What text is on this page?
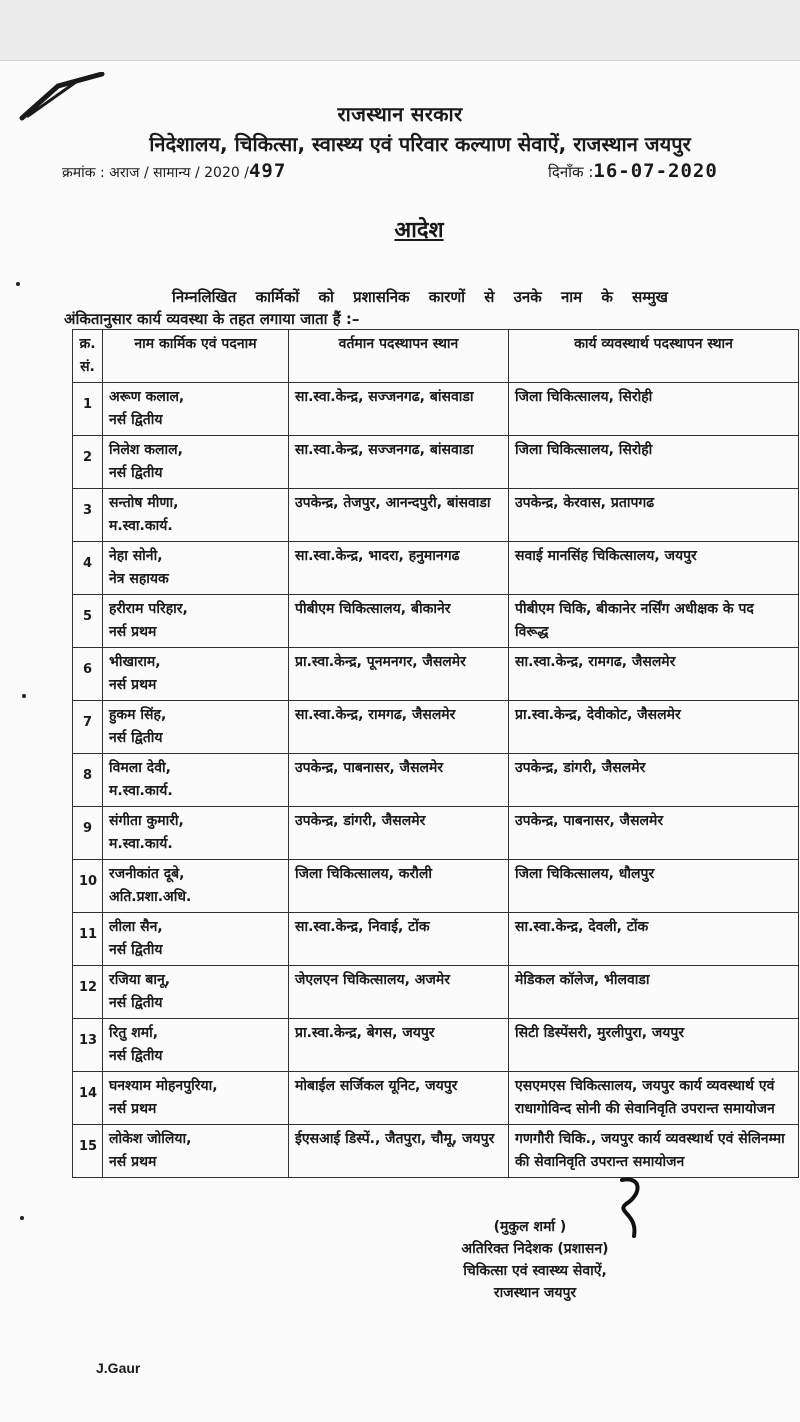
राजस्थान सरकार
निदेशालय, चिकित्सा, स्वास्थ्य एवं परिवार कल्याण सेवाऐं, राजस्थान जयपुर
क्रमांक : अराज / सामान्य / 2020 /497	दिनाँक :16-07-2020
आदेश
निम्नलिखित कार्मिकों को प्रशासनिक कारणों से उनके नाम के सम्मुख
अंकितानुसार कार्य व्यवस्था के तहत लगाया जाता हैं :–
क्र. सं.	नाम कार्मिक एवं पदनाम	वर्तमान पदस्थापन स्थान	कार्य व्यवस्थार्थ पदस्थापन स्थान
1	अरूण कलाल,
नर्स द्वितीय	सा.स्वा.केन्द्र, सज्जनगढ, बांसवाडा	जिला चिकित्सालय, सिरोही
2	निलेश कलाल,
नर्स द्वितीय	सा.स्वा.केन्द्र, सज्जनगढ, बांसवाडा	जिला चिकित्सालय, सिरोही
3	सन्तोष मीणा,
म.स्वा.कार्य.	उपकेन्द्र, तेजपुर, आनन्दपुरी, बांसवाडा	उपकेन्द्र, केरवास, प्रतापगढ
4	नेहा सोनी,
नेत्र सहायक	सा.स्वा.केन्द्र, भादरा, हनुमानगढ	सवाई मानसिंह चिकित्सालय, जयपुर
5	हरीराम परिहार,
नर्स प्रथम	पीबीएम चिकित्सालय, बीकानेर	पीबीएम चिकि, बीकानेर नर्सिंग अधीक्षक के पद विरूद्ध
6	भीखाराम,
नर्स प्रथम	प्रा.स्वा.केन्द्र, पूनमनगर, जैसलमेर	सा.स्वा.केन्द्र, रामगढ, जैसलमेर
7	हुकम सिंह,
नर्स द्वितीय	सा.स्वा.केन्द्र, रामगढ, जैसलमेर	प्रा.स्वा.केन्द्र, देवीकोट, जैसलमेर
8	विमला देवी,
म.स्वा.कार्य.	उपकेन्द्र, पाबनासर, जैसलमेर	उपकेन्द्र, डांगरी, जैसलमेर
9	संगीता कुमारी,
म.स्वा.कार्य.	उपकेन्द्र, डांगरी, जैसलमेर	उपकेन्द्र, पाबनासर, जैसलमेर
10	रजनीकांत दूबे,
अति.प्रशा.अधि.	जिला चिकित्सालय, करौली	जिला चिकित्सालय, धौलपुर
11	लीला सैन,
नर्स द्वितीय	सा.स्वा.केन्द्र, निवाई, टोंक	सा.स्वा.केन्द्र, देवली, टोंक
12	रजिया बानू,
नर्स द्वितीय	जेएलएन चिकित्सालय, अजमेर	मेडिकल कॉलेज, भीलवाडा
13	रितु शर्मा,
नर्स द्वितीय	प्रा.स्वा.केन्द्र, बेगस, जयपुर	सिटी डिस्पेंसरी, मुरलीपुरा, जयपुर
14	घनश्याम मोहनपुरिया,
नर्स प्रथम	मोबाईल सर्जिकल यूनिट, जयपुर	एसएमएस चिकित्सालय, जयपुर कार्य व्यवस्थार्थ एवं राधागोविन्द सोनी की सेवानिवृति उपरान्त समायोजन
15	लोकेश जोलिया,
नर्स प्रथम	ईएसआई डिस्पें., जैतपुरा, चौमू, जयपुर	गणगौरी चिकि., जयपुर कार्य व्यवस्थार्थ एवं सेलिनम्मा की सेवानिवृति उपरान्त समायोजन
(मुकुल शर्मा )
अतिरिक्त निदेशक (प्रशासन)
चिकित्सा एवं स्वास्थ्य सेवाऐं,
राजस्थान जयपुर
J.Gaur
